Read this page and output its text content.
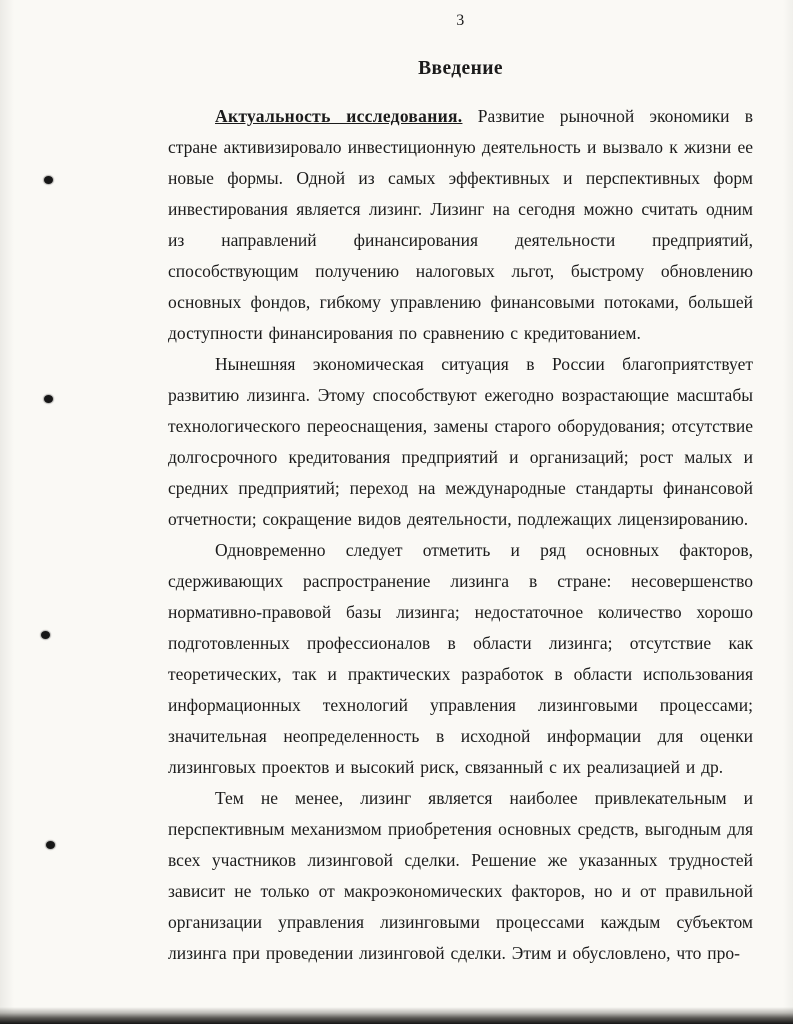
3
Введение

Актуальность исследования. Развитие рыночной экономики в стране активизировало инвестиционную деятельность и вызвало к жизни ее новые формы. Одной из самых эффективных и перспективных форм инвестирования является лизинг. Лизинг на сегодня можно считать одним из направлений финансирования деятельности предприятий, способствующим получению налоговых льгот, быстрому обновлению основных фондов, гибкому управлению финансовыми потоками, большей доступности финансирования по сравнению с кредитованием.

Нынешняя экономическая ситуация в России благоприятствует развитию лизинга. Этому способствуют ежегодно возрастающие масштабы технологического переоснащения, замены старого оборудования; отсутствие долгосрочного кредитования предприятий и организаций; рост малых и средних предприятий; переход на международные стандарты финансовой отчетности; сокращение видов деятельности, подлежащих лицензированию.

Одновременно следует отметить и ряд основных факторов, сдерживающих распространение лизинга в стране: несовершенство нормативно-правовой базы лизинга; недостаточное количество хорошо подготовленных профессионалов в области лизинга; отсутствие как теоретических, так и практических разработок в области использования информационных технологий управления лизинговыми процессами; значительная неопределенность в исходной информации для оценки лизинговых проектов и высокий риск, связанный с их реализацией и др.

Тем не менее, лизинг является наиболее привлекательным и перспективным механизмом приобретения основных средств, выгодным для всех участников лизинговой сделки. Решение же указанных трудностей зависит не только от макроэкономических факторов, но и от правильной организации управления лизинговыми процессами каждым субъектом лизинга при проведении лизинговой сделки. Этим и обусловлено, что про-
